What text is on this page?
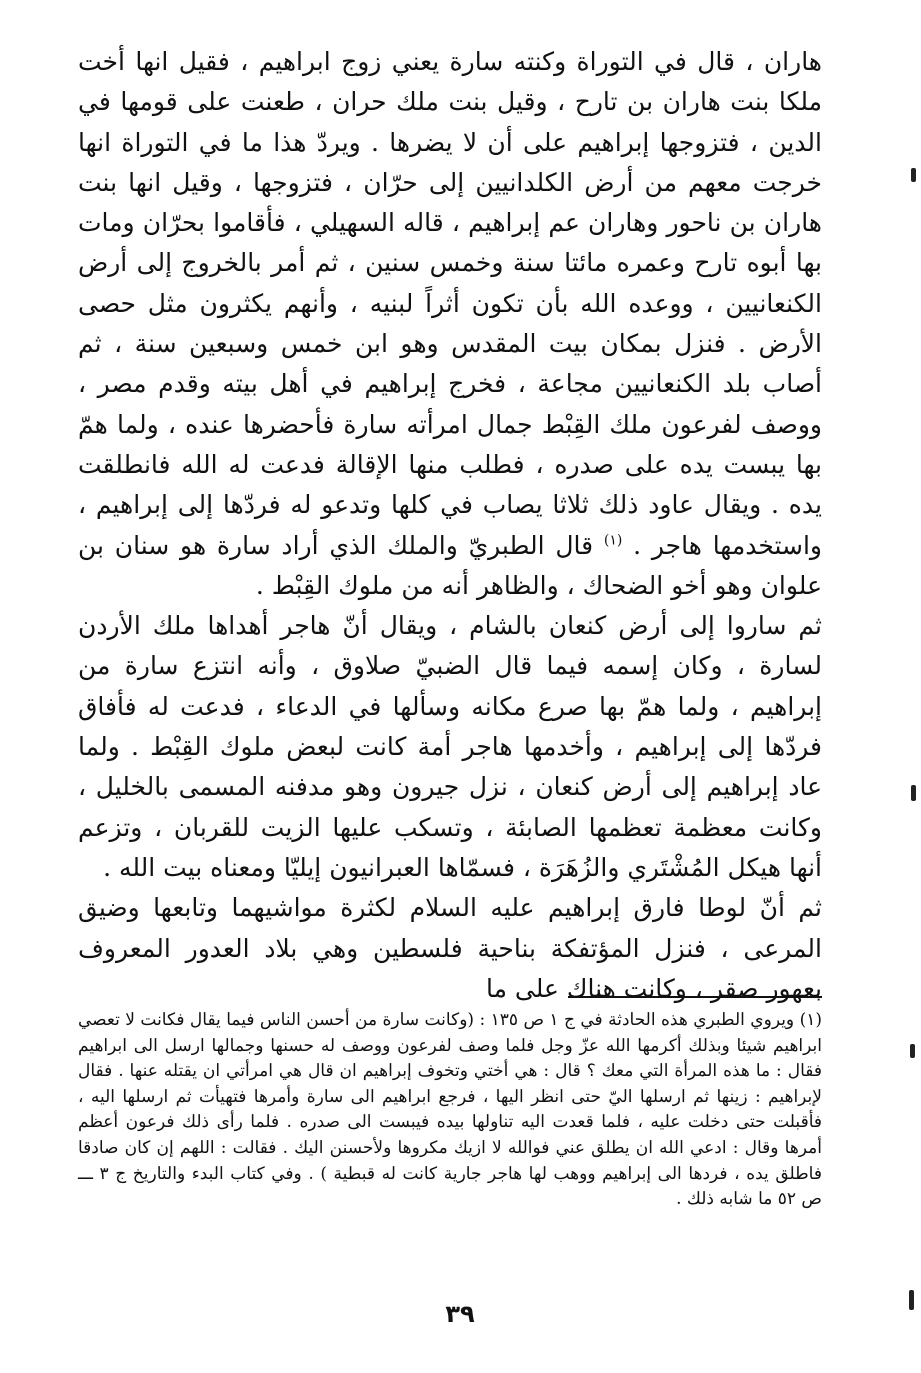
هاران ، قال في التوراة وكنته سارة يعني زوج ابراهيم ، فقيل انها أخت ملكا بنت هاران بن تارح ، وقيل بنت ملك حران ، طعنت على قومها في الدين ، فتزوجها إبراهيم على أن لا يضرها . ويردّ هذا ما في التوراة انها خرجت معهم من أرض الكلدانيين إلى حرّان ، فتزوجها ، وقيل انها بنت هاران بن ناحور وهاران عم إبراهيم ، قاله السهيلي ، فأقاموا بحرّان ومات بها أبوه تارح وعمره مائتا سنة وخمس سنين ، ثم أمر بالخروج إلى أرض الكنعانيين ، ووعده الله بأن تكون أثراً لبنيه ، وأنهم يكثرون مثل حصى الأرض . فنزل بمكان بيت المقدس وهو ابن خمس وسبعين سنة ، ثم أصاب بلد الكنعانيين مجاعة ، فخرج إبراهيم في أهل بيته وقدم مصر ، ووصف لفرعون ملك القِبْط جمال امرأته سارة فأحضرها عنده ، ولما همّ بها يبست يده على صدره ، فطلب منها الإقالة فدعت له الله فانطلقت يده . ويقال عاود ذلك ثلاثا يصاب في كلها وتدعو له فردّها إلى إبراهيم ، واستخدمها هاجر . $^{(١)}$ قال الطبريّ والملك الذي أراد سارة هو سنان بن علوان وهو أخو الضحاك ، والظاهر أنه من ملوك القِبْط .

ثم ساروا إلى أرض كنعان بالشام ، ويقال أنّ هاجر أهداها ملك الأردن لسارة ، وكان إسمه فيما قال الضبيّ صلاوق ، وأنه انتزع سارة من إبراهيم ، ولما همّ بها صرع مكانه وسألها في الدعاء ، فدعت له فأفاق فردّها إلى إبراهيم ، وأخدمها هاجر أمة كانت لبعض ملوك القِبْط . ولما عاد إبراهيم إلى أرض كنعان ، نزل جيرون وهو مدفنه المسمى بالخليل ، وكانت معظمة تعظمها الصابئة ، وتسكب عليها الزيت للقربان ، وتزعم أنها هيكل المُشْتَري والزُهَرَة ، فسمّاها العبرانيون إيليّا ومعناه بيت الله .

ثم أنّ لوطا فارق إبراهيم عليه السلام لكثرة مواشيهما وتابعها وضيق المرعى ، فنزل المؤتفكة بناحية فلسطين وهي بلاد العدور المعروف بعهور صقر ، وكانت هناك على ما

(١) ويروي الطبري هذه الحادثة في ج ١ ص ١٣٥ : (وكانت سارة من أحسن الناس فيما يقال فكانت لا تعصي ابراهيم شيئا وبذلك أكرمها الله عزّ وجل فلما وصف لفرعون ووصف له حسنها وجمالها ارسل الى ابراهيم فقال : ما هذه المرأة التي معك ؟ قال : هي أختي وتخوف إبراهيم ان قال هي امرأتي ان يقتله عنها . فقال لإبراهيم : زينها ثم ارسلها اليّ حتى انظر اليها ، فرجع ابراهيم الى سارة وأمرها فتهيأت ثم ارسلها اليه ، فأقبلت حتى دخلت عليه ، فلما قعدت اليه تناولها بيده فيبست الى صدره . فلما رأى ذلك فرعون أعظم أمرها وقال : ادعي الله ان يطلق عني فوالله لا ازيك مكروها ولأحسنن اليك . فقالت : اللهم إن كان صادقا فاطلق يده ، فردها الى إبراهيم ووهب لها هاجر جارية كانت له قبطية ) . وفي كتاب البدء والتاريخ ج ٣ ـــ ص ٥٢ ما شابه ذلك .

٣٩
